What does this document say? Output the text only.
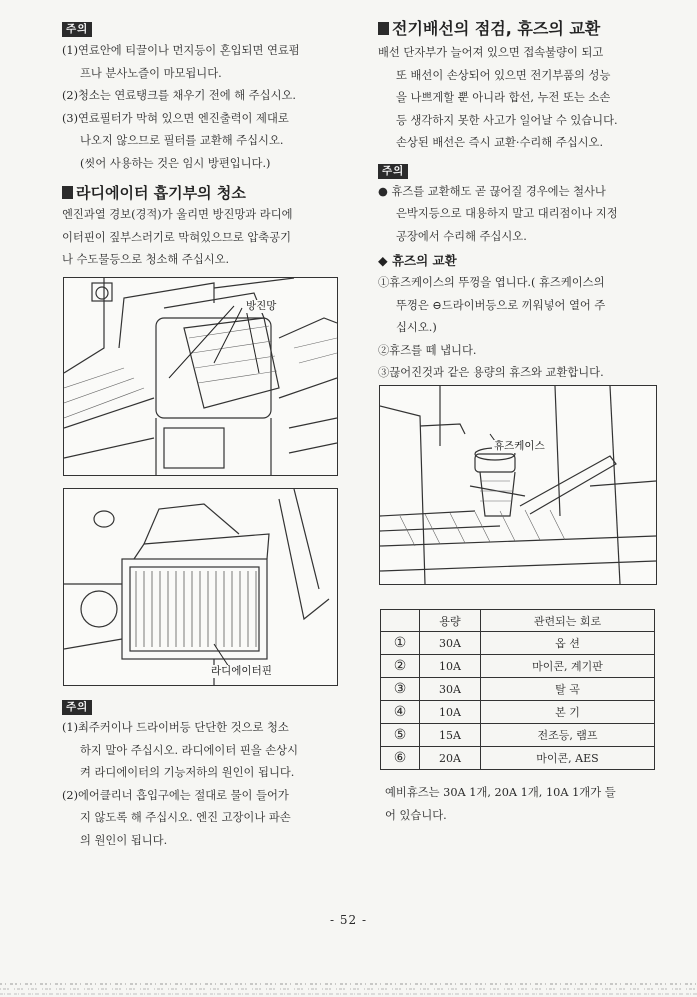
주의

(1)연료안에 티끌이나 먼지등이 혼입되면 연료펌

프나 분사노즐이 마모됩니다.

(2)청소는 연료탱크를 채우기 전에 해 주십시오.

(3)연료필터가 막혀 있으면 엔진출력이 제대로

나오지 않으므로 필터를 교환해 주십시오.

(씻어 사용하는 것은 임시 방편입니다.)

라디에이터 흡기부의 청소

엔진과열 경보(경적)가 울리면 방진망과 라디에

이터핀이 짚부스러기로 막혀있으므로 압축공기

나 수도물등으로 청소해 주십시오.

방진망
라디에이터핀
주의

(1)최주커이나 드라이버등 단단한 것으로 청소

하지 말아 주십시오. 라디에이터 핀을 손상시

켜 라디에이터의 기능저하의 원인이 됩니다.

(2)에어클리너 흡입구에는 절대로 물이 들어가

지 않도록 해 주십시오. 엔진 고장이나 파손

의 원인이 됩니다.

전기배선의 점검, 휴즈의 교환

배선 단자부가 늘어져 있으면 접속불량이 되고

또 배선이 손상되어 있으면 전기부품의 성능

을 나쁘게할 뿐 아니라 합선, 누전 또는 소손

등 생각하지 못한 사고가 일어날 수 있습니다.

손상된 배선은 즉시 교환·수리해 주십시오.

주의

● 휴즈를 교환해도 곧 끊어질 경우에는 철사나

은박지등으로 대용하지 말고 대리점이나 지정

공장에서 수리해 주십시오.

◆ 휴즈의 교환

①휴즈케이스의 뚜껑을 엽니다.( 휴즈케이스의

뚜껑은 ⊖드라이버등으로 끼워넣어 열어 주

십시오.)

②휴즈를 떼 냅니다.

③끊어진것과 같은 용량의 휴즈와 교환합니다.

휴즈케이스
	용량	관련되는 회로
①	30A	옵 션
②	10A	마이콘, 계기판
③	30A	탈 곡
④	10A	본 기
⑤	15A	전조등, 램프
⑥	20A	마이콘, AES

예비휴즈는 30A 1개, 20A 1개, 10A 1개가 들

어 있습니다.

- 52 -
